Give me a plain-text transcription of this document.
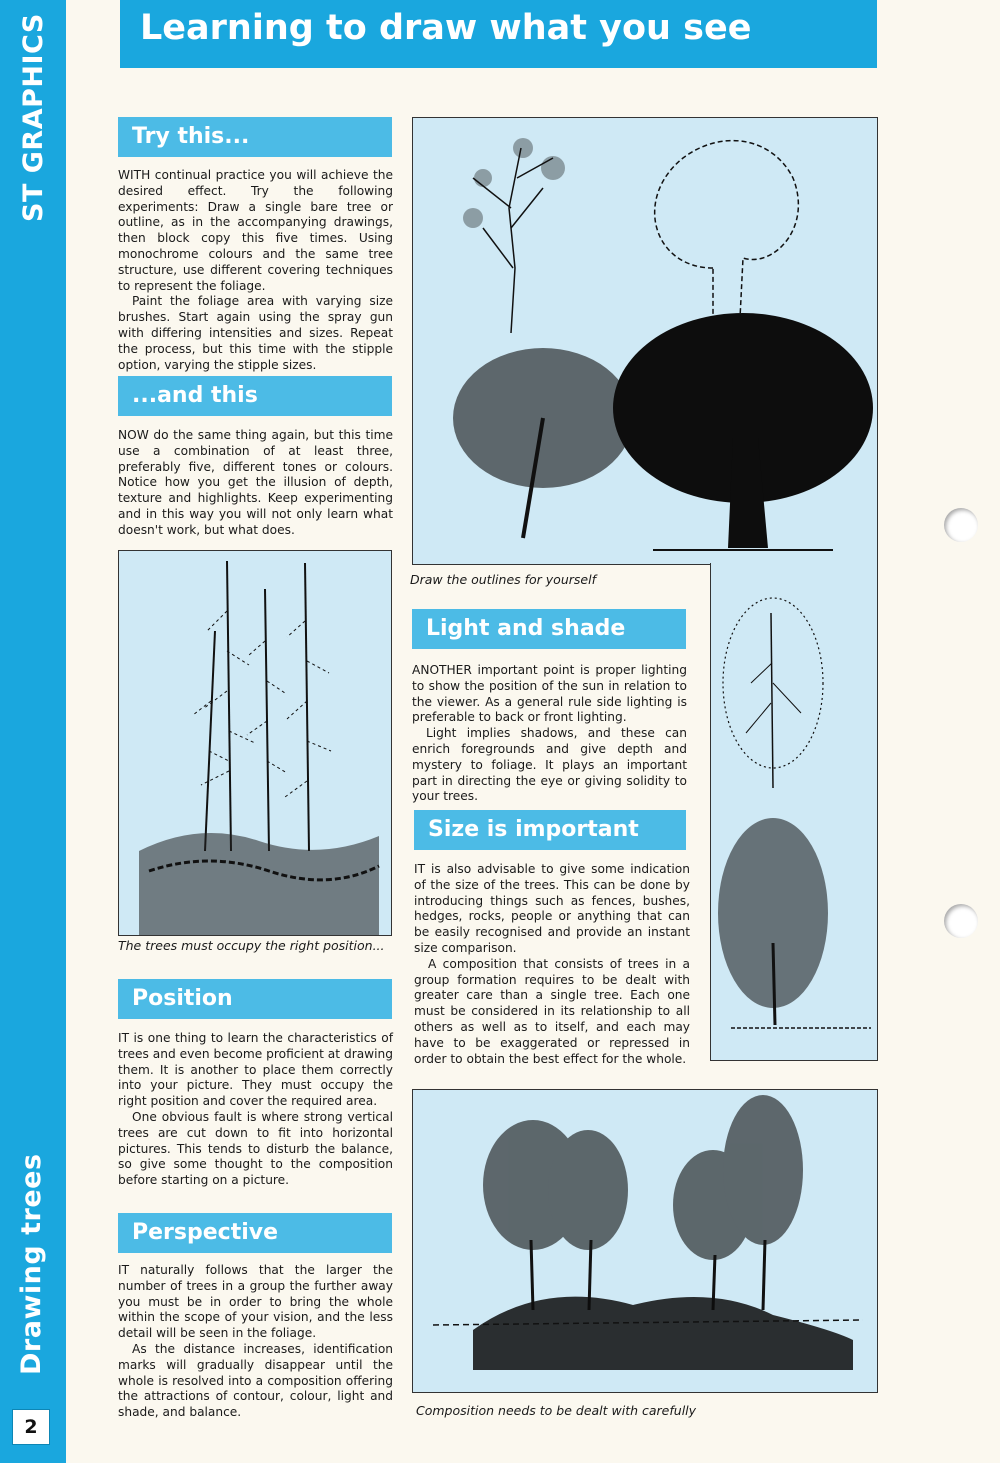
ST GRAPHICS
Drawing trees
2
Learning to draw what you see
Try this...

WITH continual practice you will achieve the desired effect. Try the following experiments: Draw a single bare tree or outline, as in the accompanying drawings, then block copy this five times. Using monochrome colours and the same tree structure, use different covering techniques to represent the foliage.

Paint the foliage area with varying size brushes. Start again using the spray gun with differing intensities and sizes. Repeat the process, but this time with the stipple option, varying the stipple sizes.

...and this

NOW do the same thing again, but this time use a combination of at least three, preferably five, different tones or colours. Notice how you get the illusion of depth, texture and highlights. Keep experimenting and in this way you will not only learn what doesn't work, but what does.

The trees must occupy the right position...
Position

IT is one thing to learn the characteristics of trees and even become proficient at drawing them. It is another to place them correctly into your picture. They must occupy the right position and cover the required area.

One obvious fault is where strong vertical trees are cut down to fit into horizontal pictures. This tends to disturb the balance, so give some thought to the composition before starting on a picture.

Perspective

IT naturally follows that the larger the number of trees in a group the further away you must be in order to bring the whole within the scope of your vision, and the less detail will be seen in the foliage.

As the distance increases, identification marks will gradually disappear until the whole is resolved into a composition offering the attractions of contour, colour, light and shade, and balance.

Draw the outlines for yourself
Light and shade

ANOTHER important point is proper lighting to show the position of the sun in relation to the viewer. As a general rule side lighting is preferable to back or front lighting.

Light implies shadows, and these can enrich foregrounds and give depth and mystery to foliage. It plays an important part in directing the eye or giving solidity to your trees.

Size is important

IT is also advisable to give some indication of the size of the trees. This can be done by introducing things such as fences, bushes, hedges, rocks, people or anything that can be easily recognised and provide an instant size comparison.

A composition that consists of trees in a group formation requires to be dealt with greater care than a single tree. Each one must be considered in its relationship to all others as well as to itself, and each may have to be exaggerated or repressed in order to obtain the best effect for the whole.

Composition needs to be dealt with carefully
